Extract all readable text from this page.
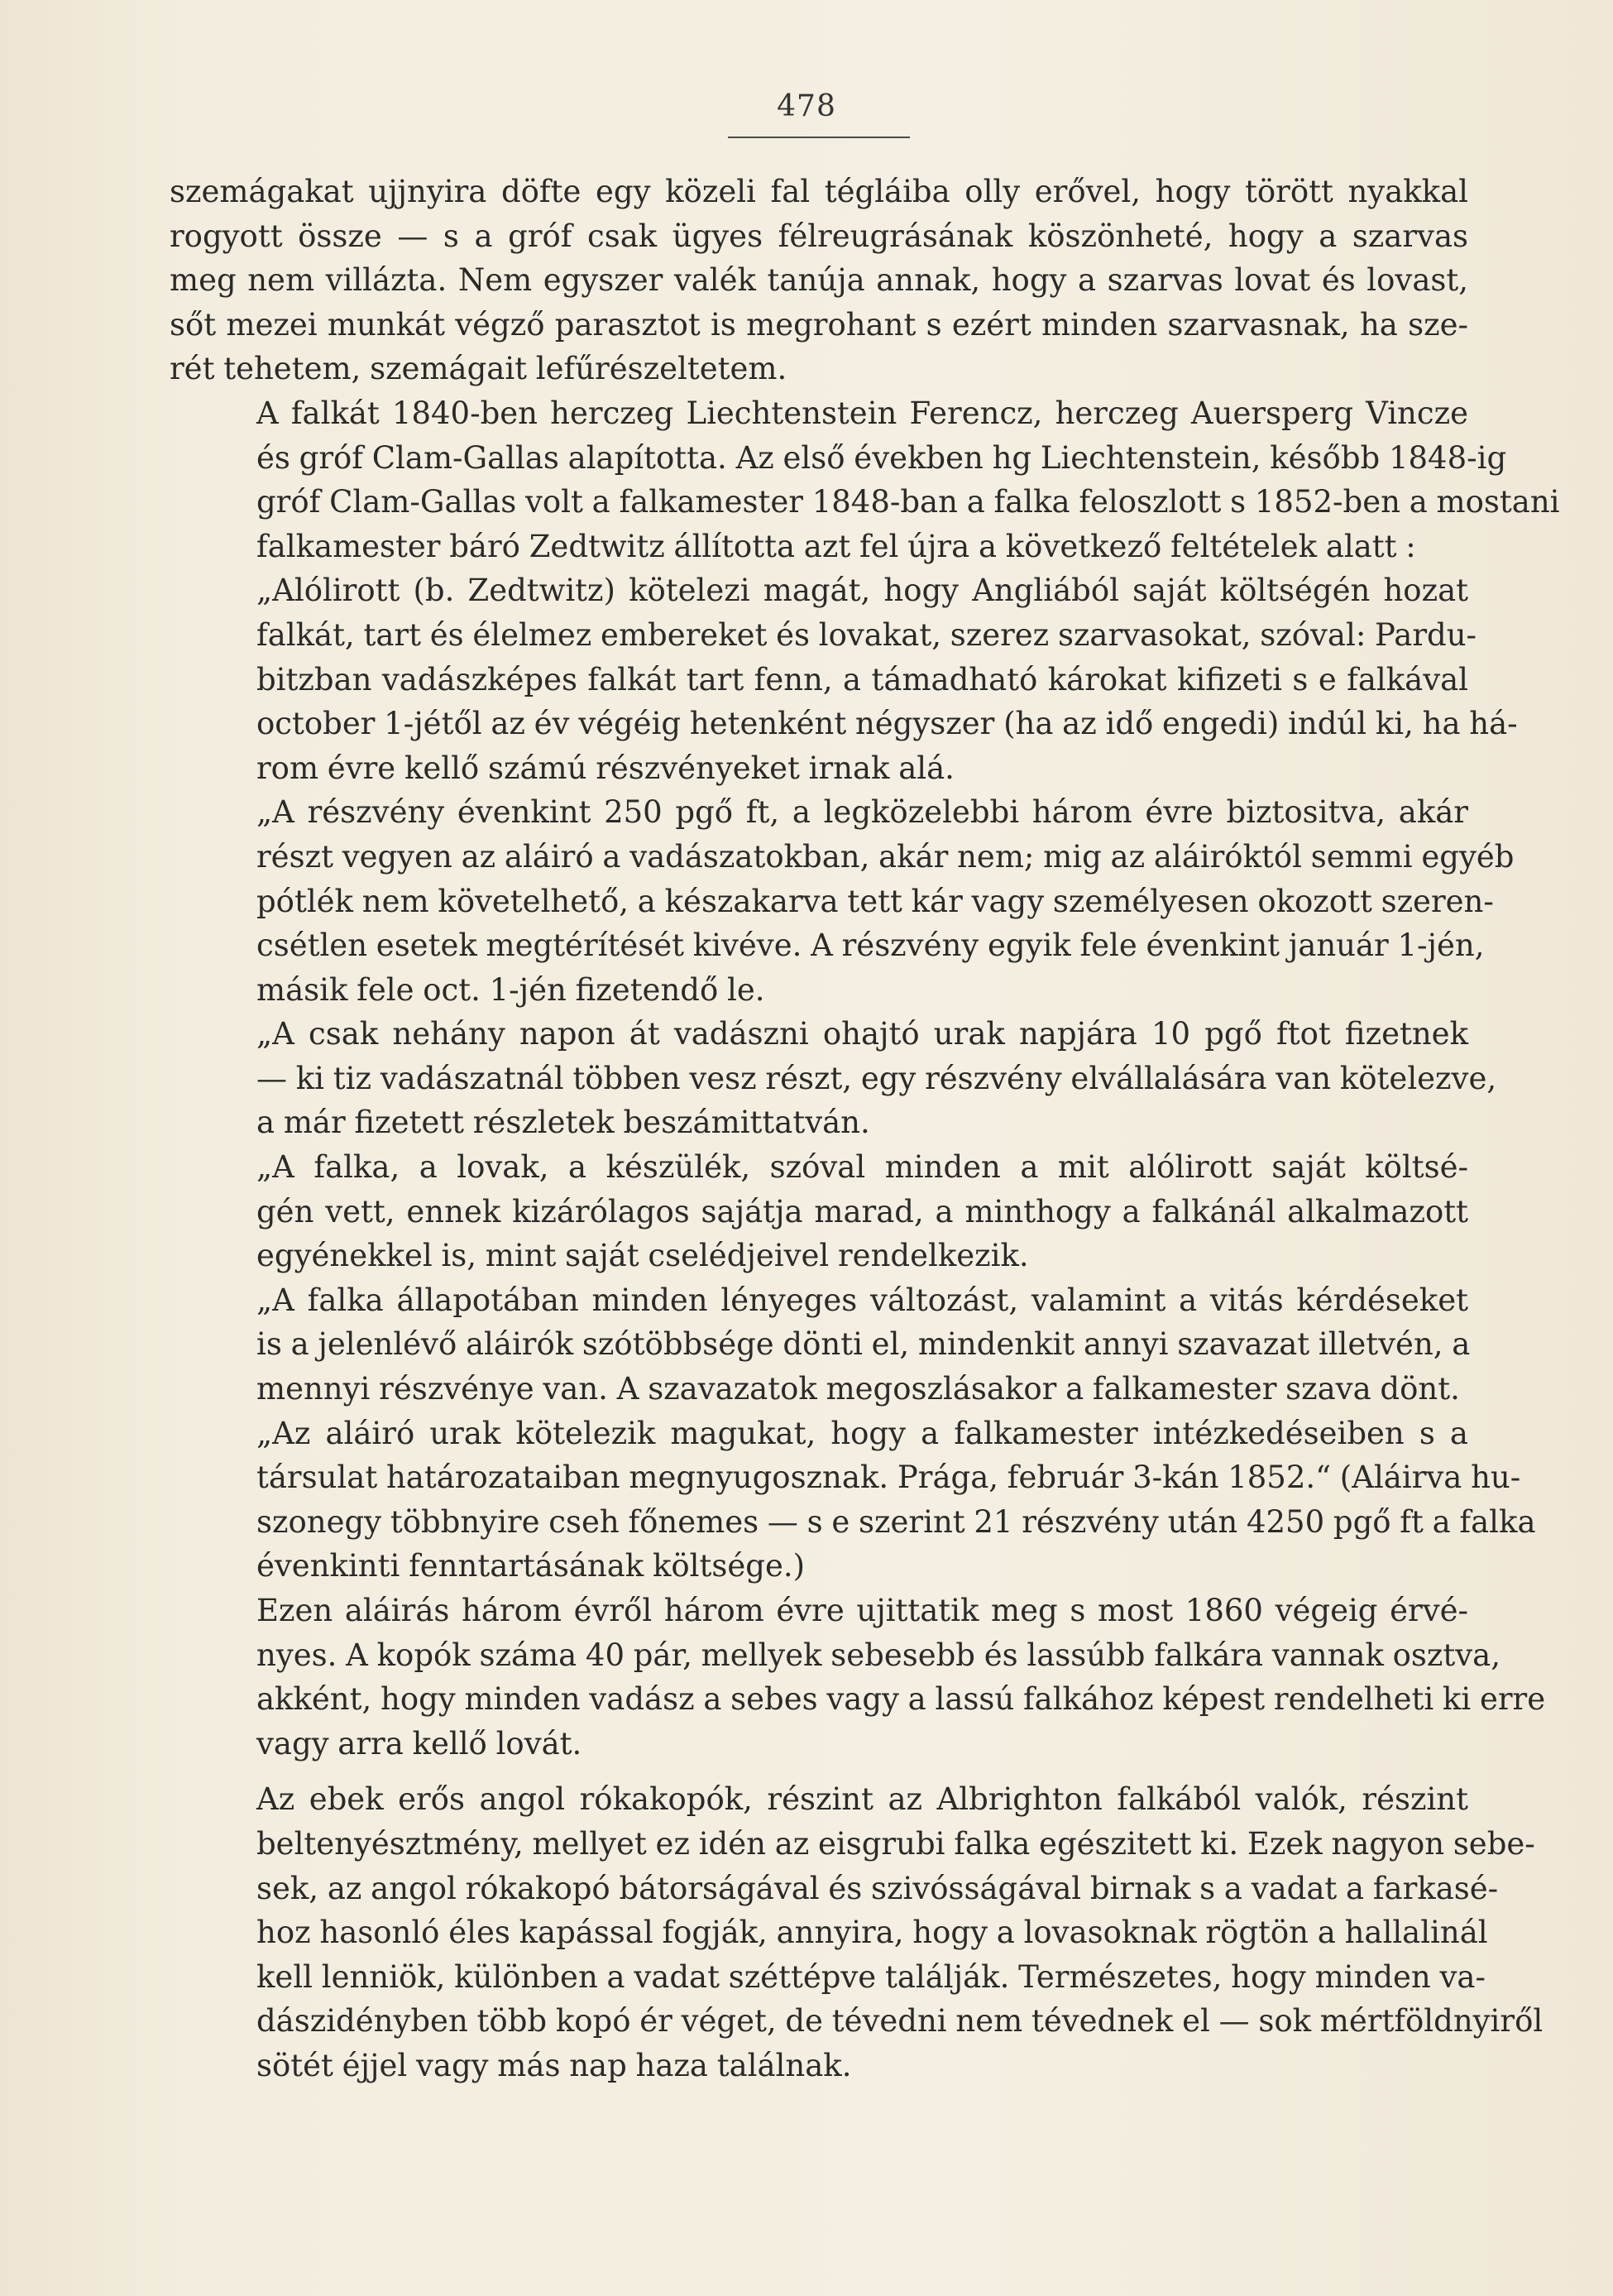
478
szemágakat ujjnyira döfte egy közeli fal tégláiba olly erővel, hogy törött nyakkal
rogyott össze — s a gróf csak ügyes félreugrásának köszönheté, hogy a szarvas
meg nem villázta. Nem egyszer valék tanúja annak, hogy a szarvas lovat és lovast,
sőt mezei munkát végző parasztot is megrohant s ezért minden szarvasnak, ha sze-
rét tehetem, szemágait lefűrészeltetem.
A falkát 1840-ben herczeg Liechtenstein Ferencz, herczeg Auersperg Vincze
és gróf Clam-Gallas alapította. Az első években hg Liechtenstein, később 1848-ig
gróf Clam-Gallas volt a falkamester 1848-ban a falka feloszlott s 1852-ben a mostani
falkamester báró Zedtwitz állította azt fel újra a következő feltételek alatt :
„Alólirott (b. Zedtwitz) kötelezi magát, hogy Angliából saját költségén hozat
falkát, tart és élelmez embereket és lovakat, szerez szarvasokat, szóval: Pardu-
bitzban vadászképes falkát tart fenn, a támadható károkat kifizeti s e falkával
october 1-jétől az év végéig hetenként négyszer (ha az idő engedi) indúl ki, ha há-
rom évre kellő számú részvényeket irnak alá.
„A részvény évenkint 250 pgő ft, a legközelebbi három évre biztositva, akár
részt vegyen az aláiró a vadászatokban, akár nem; mig az aláiróktól semmi egyéb
pótlék nem követelhető, a készakarva tett kár vagy személyesen okozott szeren-
csétlen esetek megtérítését kivéve. A részvény egyik fele évenkint január 1-jén,
másik fele oct. 1-jén fizetendő le.
„A csak nehány napon át vadászni ohajtó urak napjára 10 pgő ftot fizetnek
— ki tiz vadászatnál többen vesz részt, egy részvény elvállalására van kötelezve,
a már fizetett részletek beszámittatván.
„A falka, a lovak, a készülék, szóval minden a mit alólirott saját költsé-
gén vett, ennek kizárólagos sajátja marad, a minthogy a falkánál alkalmazott
egyénekkel is, mint saját cselédjeivel rendelkezik.
„A falka állapotában minden lényeges változást, valamint a vitás kérdéseket
is a jelenlévő aláirók szótöbbsége dönti el, mindenkit annyi szavazat illetvén, a
mennyi részvénye van. A szavazatok megoszlásakor a falkamester szava dönt.
„Az aláiró urak kötelezik magukat, hogy a falkamester intézkedéseiben s a
társulat határozataiban megnyugosznak. Prága, február 3-kán 1852.“ (Aláirva hu-
szonegy többnyire cseh főnemes — s e szerint 21 részvény után 4250 pgő ft a falka
évenkinti fenntartásának költsége.)
Ezen aláirás három évről három évre ujittatik meg s most 1860 végeig érvé-
nyes. A kopók száma 40 pár, mellyek sebesebb és lassúbb falkára vannak osztva,
akként, hogy minden vadász a sebes vagy a lassú falkához képest rendelheti ki erre
vagy arra kellő lovát.
Az ebek erős angol rókakopók, részint az Albrighton falkából valók, részint
beltenyésztmény, mellyet ez idén az eisgrubi falka egészitett ki. Ezek nagyon sebe-
sek, az angol rókakopó bátorságával és szivósságával birnak s a vadat a farkasé-
hoz hasonló éles kapással fogják, annyira, hogy a lovasoknak rögtön a hallalinál
kell lenniök, különben a vadat széttépve találják. Természetes, hogy minden va-
dászidényben több kopó ér véget, de tévedni nem tévednek el — sok mértföldnyiről
sötét éjjel vagy más nap haza találnak.
